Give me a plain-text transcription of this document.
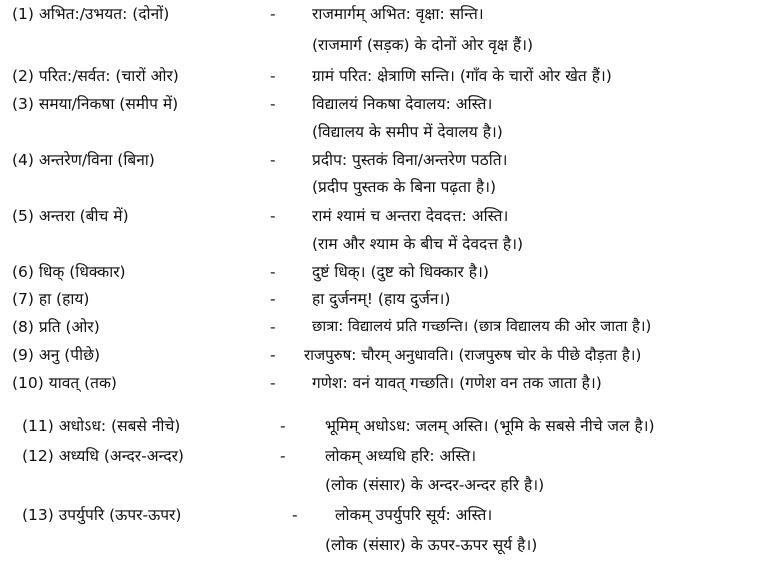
(1) अभित:/उभयत: (दोनों)	- राजमार्गम् अभित: वृक्षा: सन्ति।
(राजमार्ग (सड़क) के दोनों ओर वृक्ष हैं।)
(2) परित:/सर्वत: (चारों ओर)	- ग्रामं परित: क्षेत्राणि सन्ति। (गाँव के चारों ओर खेत हैं।)
(3) समया/निकषा (समीप में)	- विद्यालयं निकषा देवालय: अस्ति।
(विद्यालय के समीप में देवालय है।)
(4) अन्तरेण/विना (बिना)	- प्रदीप: पुस्तकं विना/अन्तरेण पठति।
(प्रदीप पुस्तक के बिना पढ़ता है।)
(5) अन्तरा (बीच में)	- रामं श्यामं च अन्तरा देवदत्त: अस्ति।
(राम और श्याम के बीच में देवदत्त है।)
(6) धिक् (धिक्कार)	- दुष्टं धिक्। (दुष्ट को धिक्कार है।)
(7) हा (हाय)	- हा दुर्जनम्! (हाय दुर्जन।)
(8) प्रति (ओर)	- छात्रा: विद्यालयं प्रति गच्छन्ति। (छात्र विद्यालय की ओर जाता है।)
(9) अनु (पीछे)	- राजपुरुष: चौरम् अनुधावति। (राजपुरुष चोर के पीछे दौड़ता है।)
(10) यावत् (तक)	- गणेश: वनं यावत् गच्छति। (गणेश वन तक जाता है।)
(11) अधोऽध: (सबसे नीचे)	-	भूमिम् अधोऽध: जलम् अस्ति। (भूमि के सबसे नीचे जल है।)
(12) अध्यधि (अन्दर-अन्दर)	-	लोकम् अध्यधि हरि: अस्ति।
(लोक (संसार) के अन्दर-अन्दर हरि है।)
(13) उपर्युपरि (ऊपर-ऊपर)	- लोकम् उपर्युपरि सूर्य: अस्ति।
(लोक (संसार) के ऊपर-ऊपर सूर्य है।)
